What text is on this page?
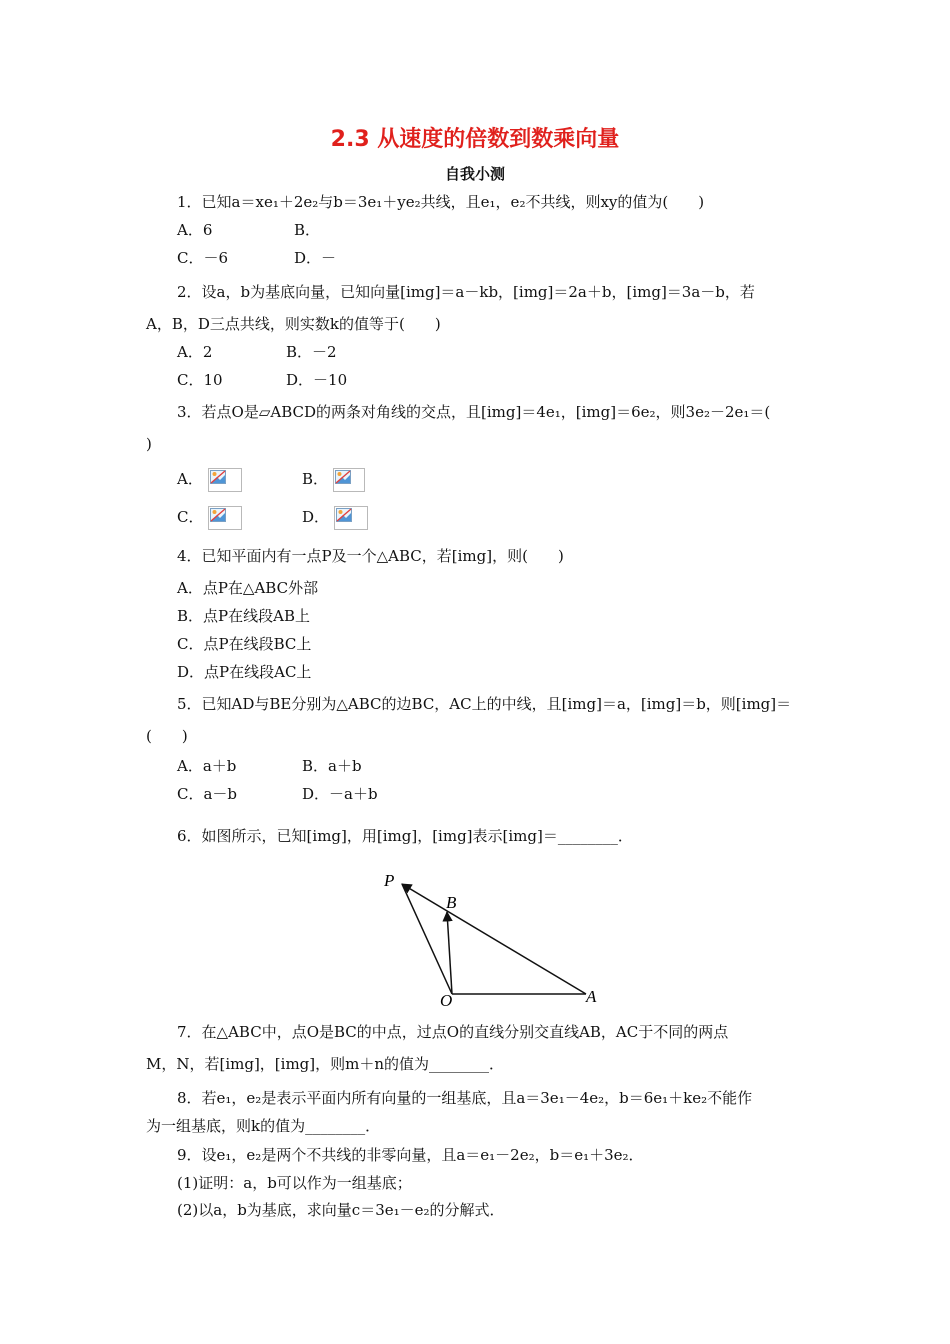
2.3 从速度的倍数到数乘向量
自我小测
1．已知a＝xe₁＋2e₂与b＝3e₁＋ye₂共线，且e₁，e₂不共线，则xy的值为(　　)
A．6	B．
C．－6	D．－
2．设a，b为基底向量，已知向量[img]＝a－kb，[img]＝2a＋b，[img]＝3a－b，若
A，B，D三点共线，则实数k的值等于(　　)
A．2	B．－2
C．10	D．－10
3．若点O是▱ABCD的两条对角线的交点，且[img]＝4e₁，[img]＝6e₂，则3e₂－2e₁＝(
)
A．	B．
C．	D．
4．已知平面内有一点P及一个△ABC，若[img]，则(　　)
A．点P在△ABC外部
B．点P在线段AB上
C．点P在线段BC上
D．点P在线段AC上
5．已知AD与BE分别为△ABC的边BC，AC上的中线，且[img]＝a，[img]＝b，则[img]＝
(　　)
A．a＋b	B．a＋b
C．a－b	D．－a＋b
6．如图所示，已知[img]，用[img]，[img]表示[img]＝________．
P
B
O	A
7．在△ABC中，点O是BC的中点，过点O的直线分别交直线AB，AC于不同的两点
M，N，若[img]，[img]，则m＋n的值为________．
8．若e₁，e₂是表示平面内所有向量的一组基底，且a＝3e₁－4e₂，b＝6e₁＋ke₂不能作
为一组基底，则k的值为________．
9．设e₁，e₂是两个不共线的非零向量，且a＝e₁－2e₂，b＝e₁＋3e₂．
(1)证明：a，b可以作为一组基底；
(2)以a，b为基底，求向量c＝3e₁－e₂的分解式．
